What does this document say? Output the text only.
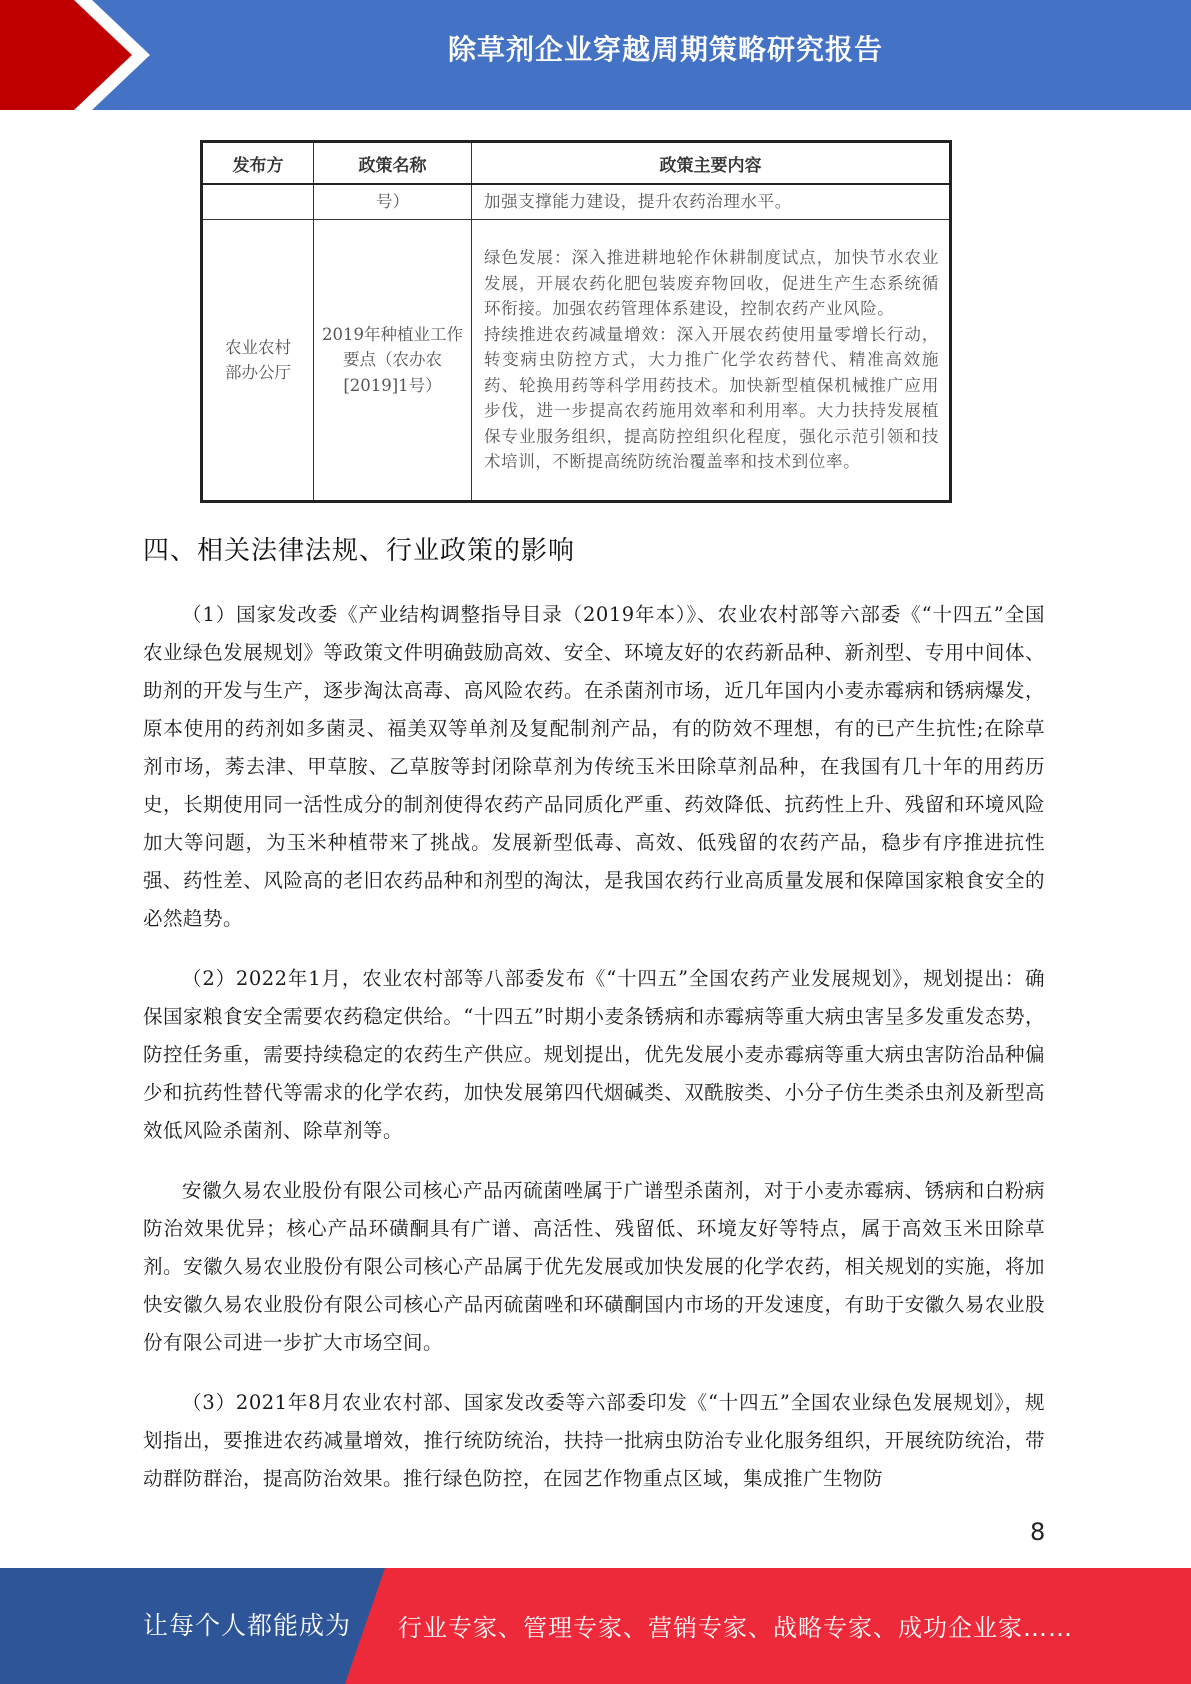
除草剂企业穿越周期策略研究报告
发布方	政策名称	政策主要内容
	号）	加强支撑能力建设，提升农药治理水平。

农业农村部办公厅	2019年种植业工作要点（农办农[2019]1号）	绿色发展：深入推进耕地轮作休耕制度试点，加快节水农业发展，开展农药化肥包装废弃物回收，促进生产生态系统循环衔接。加强农药管理体系建设，控制农药产业风险。

持续推进农药减量增效：深入开展农药使用量零增长行动，转变病虫防控方式，大力推广化学农药替代、精准高效施药、轮换用药等科学用药技术。加快新型植保机械推广应用步伐，进一步提高农药施用效率和利用率。大力扶持发展植保专业服务组织，提高防控组织化程度，强化示范引领和技术培训，不断提高统防统治覆盖率和技术到位率。

四、相关法律法规、行业政策的影响

（1）国家发改委《产业结构调整指导目录（2019年本）》、农业农村部等六部委《“十四五”全国农业绿色发展规划》等政策文件明确鼓励高效、安全、环境友好的农药新品种、新剂型、专用中间体、助剂的开发与生产，逐步淘汰高毒、高风险农药。在杀菌剂市场，近几年国内小麦赤霉病和锈病爆发，原本使用的药剂如多菌灵、福美双等单剂及复配制剂产品，有的防效不理想，有的已产生抗性;在除草剂市场，莠去津、甲草胺、乙草胺等封闭除草剂为传统玉米田除草剂品种，在我国有几十年的用药历史，长期使用同一活性成分的制剂使得农药产品同质化严重、药效降低、抗药性上升、残留和环境风险加大等问题，为玉米种植带来了挑战。发展新型低毒、高效、低残留的农药产品，稳步有序推进抗性强、药性差、风险高的老旧农药品种和剂型的淘汰，是我国农药行业高质量发展和保障国家粮食安全的必然趋势。

（2）2022年1月，农业农村部等八部委发布《“十四五”全国农药产业发展规划》，规划提出：确保国家粮食安全需要农药稳定供给。“十四五”时期小麦条锈病和赤霉病等重大病虫害呈多发重发态势，防控任务重，需要持续稳定的农药生产供应。规划提出，优先发展小麦赤霉病等重大病虫害防治品种偏少和抗药性替代等需求的化学农药，加快发展第四代烟碱类、双酰胺类、小分子仿生类杀虫剂及新型高效低风险杀菌剂、除草剂等。

安徽久易农业股份有限公司核心产品丙硫菌唑属于广谱型杀菌剂，对于小麦赤霉病、锈病和白粉病防治效果优异；核心产品环磺酮具有广谱、高活性、残留低、环境友好等特点，属于高效玉米田除草剂。安徽久易农业股份有限公司核心产品属于优先发展或加快发展的化学农药，相关规划的实施，将加快安徽久易农业股份有限公司核心产品丙硫菌唑和环磺酮国内市场的开发速度，有助于安徽久易农业股份有限公司进一步扩大市场空间。

（3）2021年8月农业农村部、国家发改委等六部委印发《“十四五”全国农业绿色发展规划》，规划指出，要推进农药减量增效，推行统防统治，扶持一批病虫防治专业化服务组织，开展统防统治，带动群防群治，提高防治效果。推行绿色防控，在园艺作物重点区域，集成推广生物防

8
让每个人都能成为 行业专家、管理专家、营销专家、战略专家、成功企业家……
